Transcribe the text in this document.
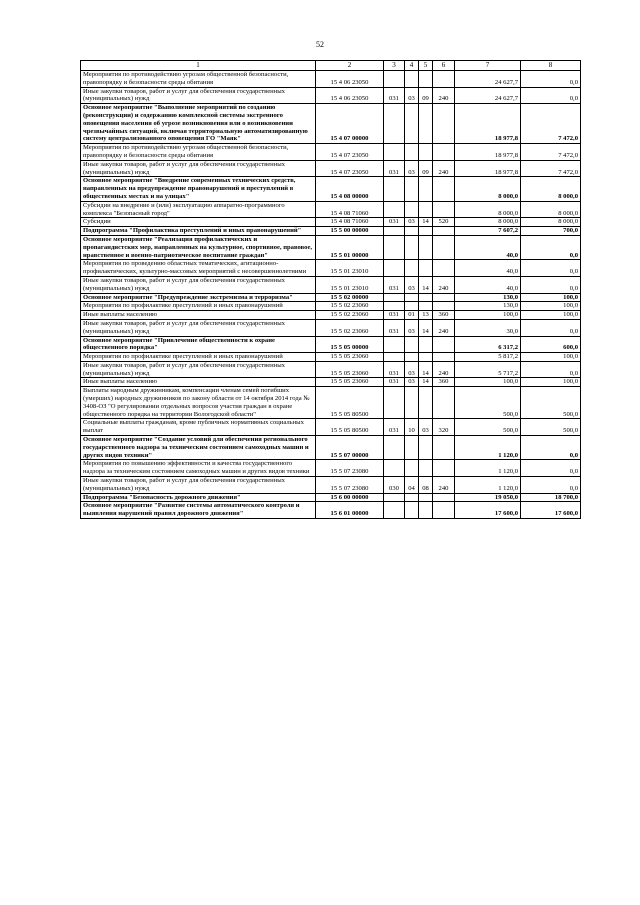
52
1	2	3	4	5	6	7	8
Мероприятия по противодействию угрозам общественной безопасности, правопорядку и безопасности среды обитания	15 4 06 23050					24 627,7	0,0
Иные закупки товаров, работ и услуг для обеспечения государственных (муниципальных) нужд	15 4 06 23050	031	03	09	240	24 627,7	0,0
Основное мероприятие "Выполнение мероприятий по созданию (реконструкции) и содержанию комплексной системы экстренного оповещения населения об угрозе возникновения или о возникновении чрезвычайных ситуаций, включая территориальную автоматизированную систему централизованного оповещения ГО "Маяк"	15 4 07 00000					18 977,8	7 472,0
Мероприятия по противодействию угрозам общественной безопасности, правопорядку и безопасности среды обитания	15 4 07 23050					18 977,8	7 472,0
Иные закупки товаров, работ и услуг для обеспечения государственных (муниципальных) нужд	15 4 07 23050	031	03	09	240	18 977,8	7 472,0
Основное мероприятие "Внедрение современных технических средств, направленных на предупреждение правонарушений и преступлений в общественных местах и на улицах"	15 4 08 00000					8 000,0	8 000,0
Субсидии на внедрение и (или) эксплуатацию аппаратно-программного комплекса "Безопасный город"	15 4 08 71060					8 000,0	8 000,0
Субсидии	15 4 08 71060	031	03	14	520	8 000,0	8 000,0
Подпрограмма "Профилактика преступлений и иных правонарушений"	15 5 00 00000					7 607,2	700,0
Основное мероприятие "Реализация профилактических и пропагандистских мер, направленных на культурное, спортивное, правовое, нравственное и военно-патриотическое воспитание граждан"	15 5 01 00000					40,0	0,0
Мероприятия по проведению областных тематических, агитационно-профилактических, культурно-массовых мероприятий с несовершеннолетними	15 5 01 23010					40,0	0,0
Иные закупки товаров, работ и услуг для обеспечения государственных (муниципальных) нужд	15 5 01 23010	031	03	14	240	40,0	0,0
Основное мероприятие "Предупреждение экстремизма и терроризма"	15 5 02 00000					130,0	100,0
Мероприятия по профилактике преступлений и иных правонарушений	15 5 02 23060					130,0	100,0
Иные выплаты населению	15 5 02 23060	031	01	13	360	100,0	100,0
Иные закупки товаров, работ и услуг для обеспечения государственных (муниципальных) нужд	15 5 02 23060	031	03	14	240	30,0	0,0
Основное мероприятие "Привлечение общественности к охране общественного порядка"	15 5 05 00000					6 317,2	600,0
Мероприятия по профилактике преступлений и иных правонарушений	15 5 05 23060					5 817,2	100,0
Иные закупки товаров, работ и услуг для обеспечения государственных (муниципальных) нужд	15 5 05 23060	031	03	14	240	5 717,2	0,0
Иные выплаты населению	15 5 05 23060	031	03	14	360	100,0	100,0
Выплаты народным дружинникам, компенсации членам семей погибших (умерших) народных дружинников по закону области от 14 октября 2014 года № 3408-ОЗ "О регулировании отдельных вопросов участия граждан в охране общественного порядка на территории Вологодской области"	15 5 05 80500					500,0	500,0
Социальные выплаты гражданам, кроме публичных нормативных социальных выплат	15 5 05 80500	031	10	03	320	500,0	500,0
Основное мероприятие "Создание условий для обеспечения регионального государственного надзора за техническим состоянием самоходных машин и других видов техники"	15 5 07 00000					1 120,0	0,0
Мероприятия по повышению эффективности и качества государственного надзора за техническим состоянием самоходных машин и других видов техники	15 5 07 23080					1 120,0	0,0
Иные закупки товаров, работ и услуг для обеспечения государственных (муниципальных) нужд	15 5 07 23080	030	04	08	240	1 120,0	0,0
Подпрограмма "Безопасность дорожного движения"	15 6 00 00000					19 050,0	18 700,0
Основное мероприятие "Развитие системы автоматического контроля и выявления нарушений правил дорожного движения"	15 6 01 00000					17 600,0	17 600,0
